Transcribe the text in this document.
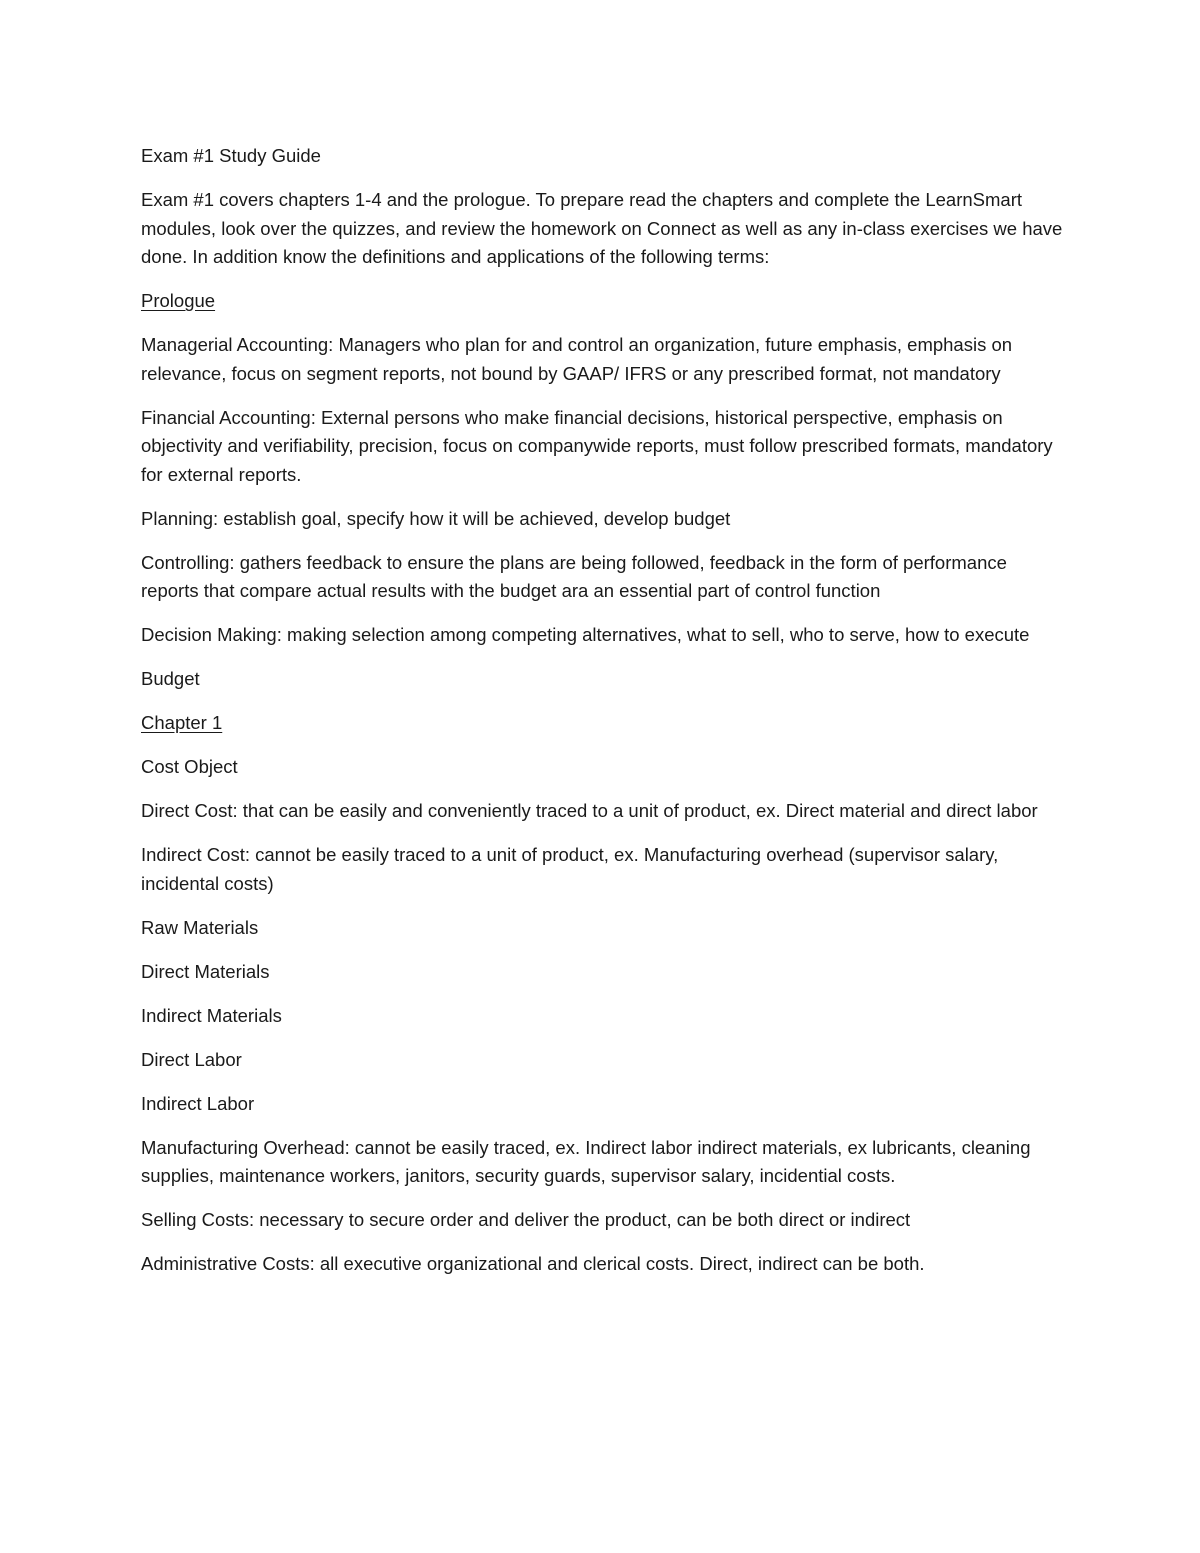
Exam #1 Study Guide

Exam #1 covers chapters 1-4 and the prologue. To prepare read the chapters and complete the LearnSmart modules, look over the quizzes, and review the homework on Connect as well as any in-class exercises we have done. In addition know the definitions and applications of the following terms:

Prologue

Managerial Accounting: Managers who plan for and control an organization, future emphasis, emphasis on relevance, focus on segment reports, not bound by GAAP/ IFRS or any prescribed format, not mandatory

Financial Accounting: External persons who make financial decisions, historical perspective, emphasis on objectivity and verifiability, precision, focus on companywide reports, must follow prescribed formats, mandatory for external reports.

Planning: establish goal, specify how it will be achieved, develop budget

Controlling: gathers feedback to ensure the plans are being followed, feedback in the form of performance reports that compare actual results with the budget ara an essential part of control function

Decision Making: making selection among competing alternatives, what to sell, who to serve, how to execute

Budget

Chapter 1

Cost Object

Direct Cost: that can be easily and conveniently traced to a unit of product, ex. Direct material and direct labor

Indirect Cost: cannot be easily traced to a unit of product, ex. Manufacturing overhead (supervisor salary, incidental costs)

Raw Materials

Direct Materials

Indirect Materials

Direct Labor

Indirect Labor

Manufacturing Overhead: cannot be easily traced, ex. Indirect labor indirect materials, ex lubricants, cleaning supplies, maintenance workers, janitors, security guards, supervisor salary, incidential costs.

Selling Costs: necessary to secure order and deliver the product, can be both direct or indirect

Administrative Costs: all executive organizational and clerical costs. Direct, indirect can be both.
